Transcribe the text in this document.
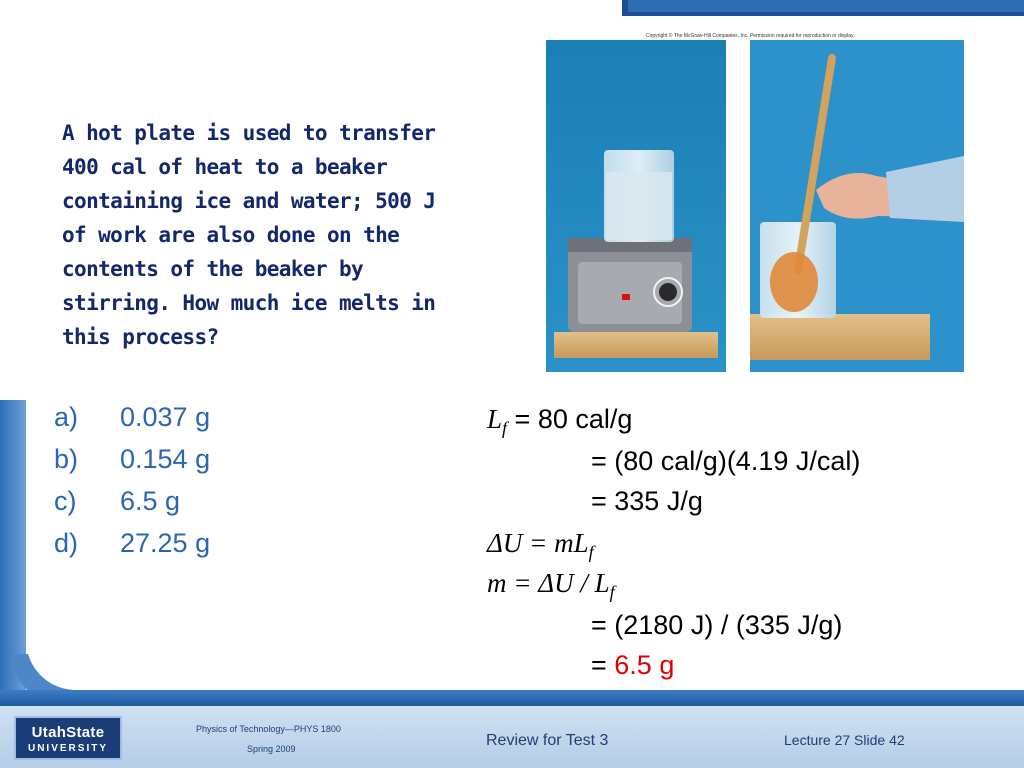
A hot plate is used to transfer
400 cal of heat to a beaker
containing ice and water; 500 J
of work are also done on the
contents of the beaker by
stirring. How much ice melts in
this process?
Copyright © The McGraw-Hill Companies, Inc. Permission required for reproduction or display.
a) 0.037 g
b) 0.154 g
c) 6.5 g
d) 27.25 g
$L_f = 80$ cal/g
= (80 cal/g)(4.19 J/cal)
= 335 J/g
$\Delta U = mL_f$
$m = \Delta U / L_f$
= (2180 J) / (335 J/g)
= 6.5 g
UtahState
UNIVERSITY
Physics of Technology—PHYS 1800
Spring 2009	Review for Test 3	Lecture 27 Slide 42
